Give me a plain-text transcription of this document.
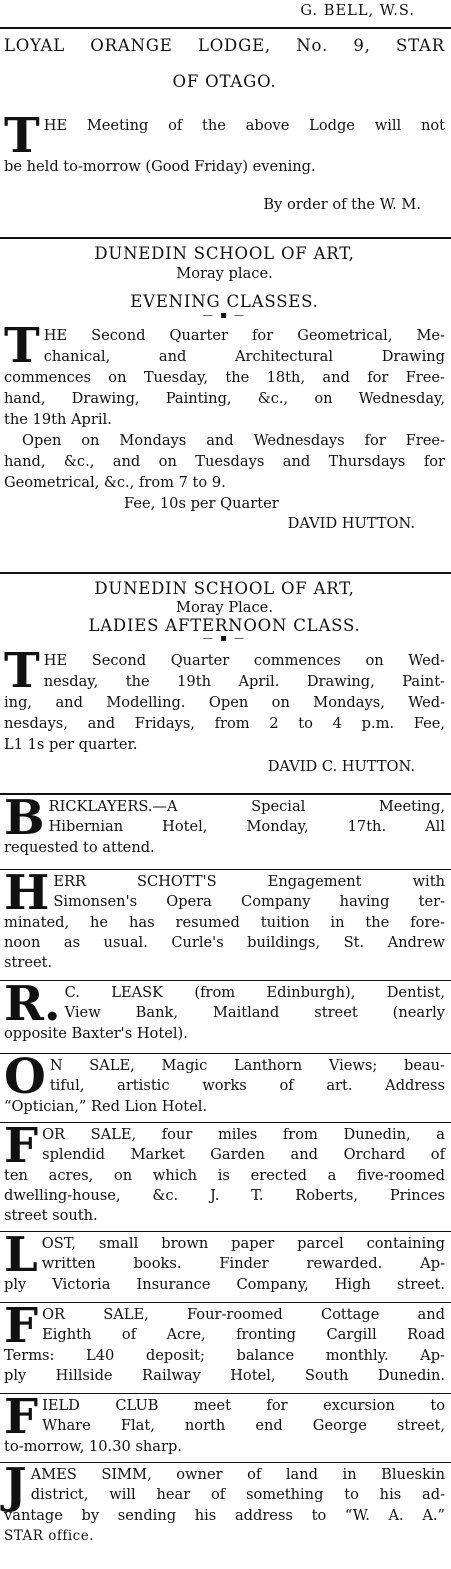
G. BELL, W.S.
LOYAL ORANGE LODGE, No. 9, STAR
OF OTAGO.
T HE Meeting of the above Lodge will not
be held to-morrow (Good Friday) evening.
By order of the W. M.
DUNEDIN SCHOOL OF ART,
Moray place.
EVENING CLASSES.
— ▪ —
T HE Second Quarter for Geometrical, Me-
chanical, and Architectural Drawing
commences on Tuesday, the 18th, and for Free-
hand, Drawing, Painting, &c., on Wednesday,
the 19th April.
Open on Mondays and Wednesdays for Free-
hand, &c., and on Tuesdays and Thursdays for
Geometrical, &c., from 7 to 9.
Fee, 10s per Quarter
DAVID HUTTON.
DUNEDIN SCHOOL OF ART,
Moray Place.
LADIES AFTERNOON CLASS.
— ▪ —
T HE Second Quarter commences on Wed-
nesday, the 19th April. Drawing, Paint-
ing, and Modelling. Open on Mondays, Wed-
nesdays, and Fridays, from 2 to 4 p.m. Fee,
L1 1s per quarter.
DAVID C. HUTTON.
B RICKLAYERS.—A Special Meeting,
Hibernian Hotel, Monday, 17th. All
requested to attend.
H ERR SCHOTT'S Engagement with
Simonsen's Opera Company having ter-
minated, he has resumed tuition in the fore-
noon as usual. Curle's buildings, St. Andrew
street.
R. C. LEASK (from Edinburgh), Dentist,
View Bank, Maitland street (nearly
opposite Baxter's Hotel).
O N SALE, Magic Lanthorn Views; beau-
tiful, artistic works of art. Address
“Optician,” Red Lion Hotel.
F OR SALE, four miles from Dunedin, a
splendid Market Garden and Orchard of
ten acres, on which is erected a five-roomed
dwelling-house, &c. J. T. Roberts, Princes
street south.
L OST, small brown paper parcel containing
written books. Finder rewarded. Ap-
ply Victoria Insurance Company, High street.
F OR SALE, Four-roomed Cottage and
Eighth of Acre, fronting Cargill Road
Terms: L40 deposit; balance monthly. Ap-
ply Hillside Railway Hotel, South Dunedin.
F IELD CLUB meet for excursion to
Whare Flat, north end George street,
to-morrow, 10.30 sharp.
J AMES SIMM, owner of land in Blueskin
district, will hear of something to his ad-
vantage by sending his address to “W. A. A.”
STAR office.
